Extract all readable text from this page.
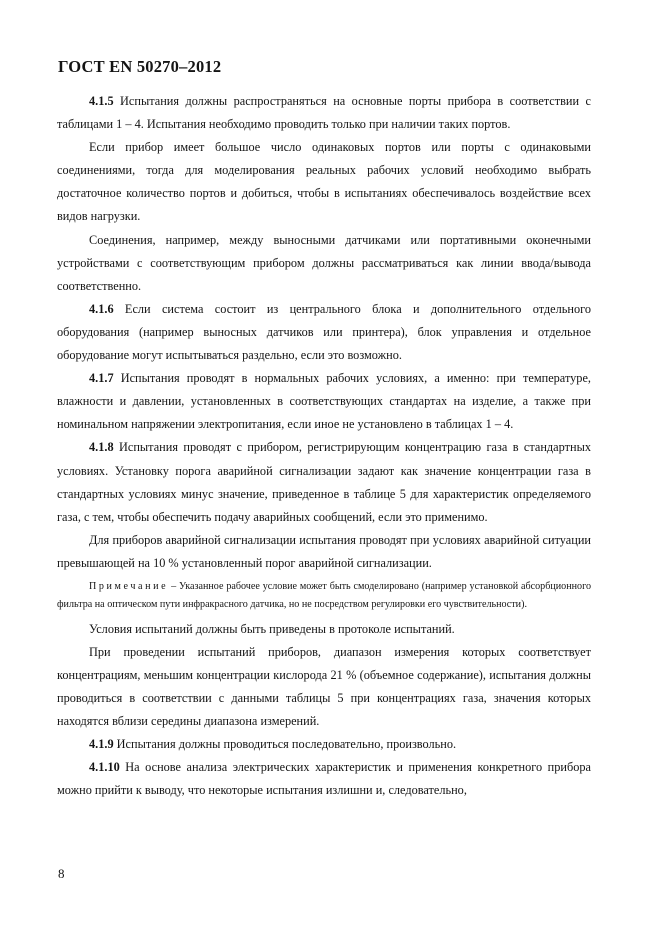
ГОСТ EN 50270–2012

4.1.5 Испытания должны распространяться на основные порты прибора в соответствии с таблицами 1 – 4. Испытания необходимо проводить только при наличии таких портов.

Если прибор имеет большое число одинаковых портов или порты с одинаковыми соединениями, тогда для моделирования реальных рабочих условий необходимо выбрать достаточное количество портов и добиться, чтобы в испытаниях обеспечивалось воздействие всех видов нагрузки.

Соединения, например, между выносными датчиками или портативными оконечными устройствами с соответствующим прибором должны рассматриваться как линии ввода/вывода соответственно.

4.1.6 Если система состоит из центрального блока и дополнительного отдельного оборудования (например выносных датчиков или принтера), блок управления и отдельное оборудование могут испытываться раздельно, если это возможно.

4.1.7 Испытания проводят в нормальных рабочих условиях, а именно: при температуре, влажности и давлении, установленных в соответствующих стандартах на изделие, а также при номинальном напряжении электропитания, если иное не установлено в таблицах 1 – 4.

4.1.8 Испытания проводят с прибором, регистрирующим концентрацию газа в стандартных условиях. Установку порога аварийной сигнализации задают как значение концентрации газа в стандартных условиях минус значение, приведенное в таблице 5 для характеристик определяемого газа, с тем, чтобы обеспечить подачу аварийных сообщений, если это применимо.

Для приборов аварийной сигнализации испытания проводят при условиях аварийной ситуации превышающей на 10 % установленный порог аварийной сигнализации.

Примечание – Указанное рабочее условие может быть смоделировано (например установкой абсорбционного фильтра на оптическом пути инфракрасного датчика, но не посредством регулировки его чувствительности).

Условия испытаний должны быть приведены в протоколе испытаний.

При проведении испытаний приборов, диапазон измерения которых соответствует концентрациям, меньшим концентрации кислорода 21 % (объемное содержание), испытания должны проводиться в соответствии с данными таблицы 5 при концентрациях газа, значения которых находятся вблизи середины диапазона измерений.

4.1.9 Испытания должны проводиться последовательно, произвольно.

4.1.10 На основе анализа электрических характеристик и применения конкретного прибора можно прийти к выводу, что некоторые испытания излишни и, следовательно,

8
